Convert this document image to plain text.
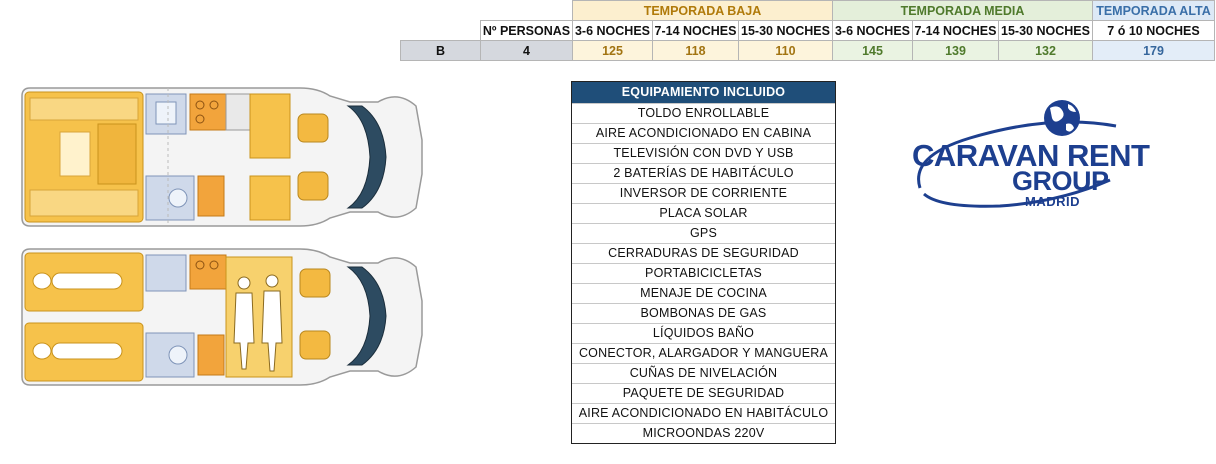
		TEMPORADA BAJA			TEMPORADA MEDIA			TEMPORADA ALTA
	Nº PERSONAS	3-6 NOCHES	7-14 NOCHES	15-30 NOCHES	3-6 NOCHES	7-14 NOCHES	15-30 NOCHES	7 ó 10 NOCHES
B	4	125	118	110	145	139	132	179
EQUIPAMIENTO INCLUIDO
TOLDO ENROLLABLE
AIRE ACONDICIONADO EN CABINA
TELEVISIÓN CON DVD Y USB
2 BATERÍAS DE HABITÁCULO
INVERSOR DE CORRIENTE
PLACA SOLAR
GPS
CERRADURAS DE SEGURIDAD
PORTABICICLETAS
MENAJE DE COCINA
BOMBONAS DE GAS
LÍQUIDOS BAÑO
CONECTOR, ALARGADOR Y MANGUERA
CUÑAS DE NIVELACIÓN
PAQUETE DE SEGURIDAD
AIRE ACONDICIONADO EN HABITÁCULO
MICROONDAS 220V
CARAVAN RENT
GROUP
MADRID
